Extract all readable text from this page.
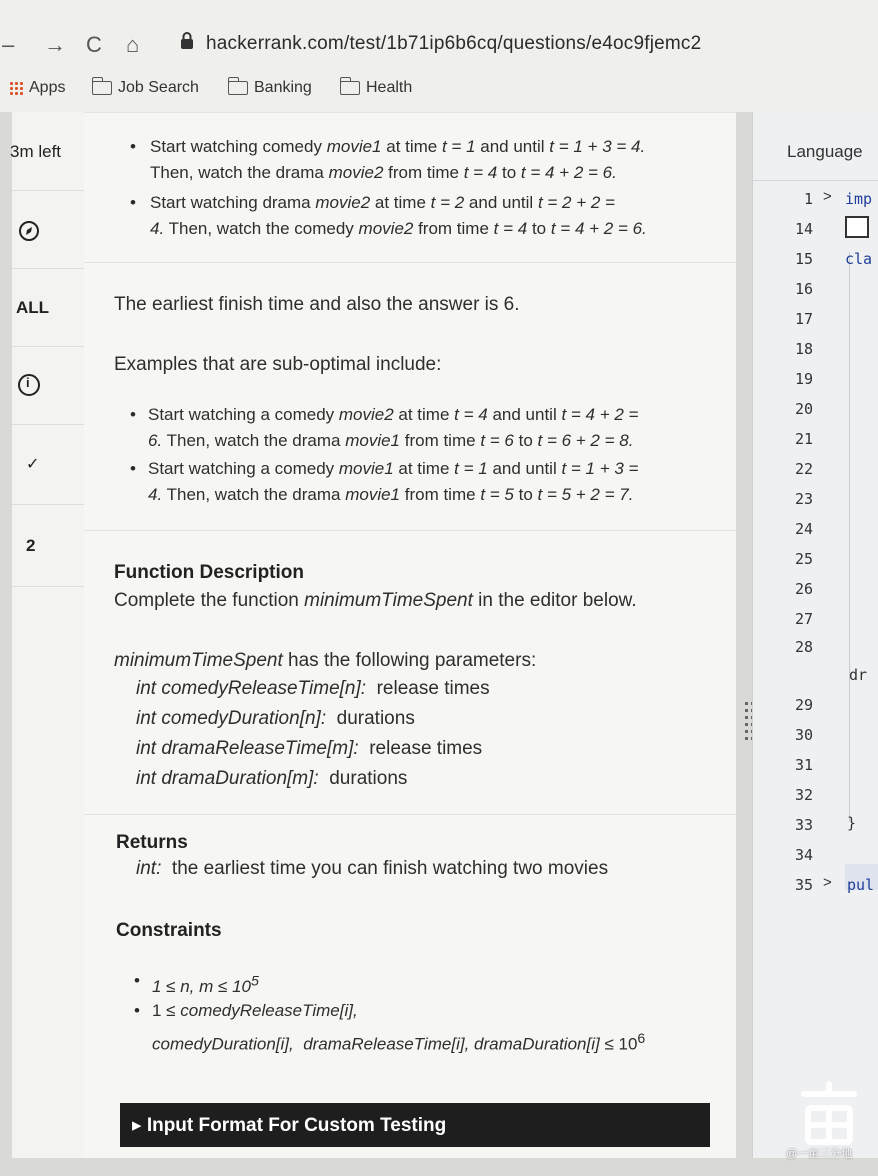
– → C ⌂	hackerrank.com/test/1b71ip6b6cq/questions/e4oc9fjemc2
Apps	Job Search	Banking	Health
3m left
ALL
i
✓
2
• Start watching comedy movie1 at time t = 1 and until t = 1 + 3 = 4.
Then, watch the drama movie2 from time t = 4 to t = 4 + 2 = 6.
• Start watching drama movie2 at time t = 2 and until t = 2 + 2 =
4. Then, watch the comedy movie2 from time t = 4 to t = 4 + 2 = 6.
The earliest finish time and also the answer is 6.
Examples that are sub-optimal include:
• Start watching a comedy movie2 at time t = 4 and until t = 4 + 2 =
6. Then, watch the drama movie1 from time t = 6 to t = 6 + 2 = 8.
• Start watching a comedy movie1 at time t = 1 and until t = 1 + 3 =
4. Then, watch the drama movie1 from time t = 5 to t = 5 + 2 = 7.
Function Description
Complete the function minimumTimeSpent in the editor below.
minimumTimeSpent has the following parameters:
int comedyReleaseTime[n]:  release times
int comedyDuration[n]:  durations
int dramaReleaseTime[m]:  release times
int dramaDuration[m]:  durations
Returns
int:  the earliest time you can finish watching two movies
Constraints
• 1 ≤ n, $m \le 10^5$
• 1 ≤ comedyReleaseTime[i],
comedyDuration[i], dramaReleaseTime[i], dramaDuration[i] ≤ $10^6$
Language
1 > imp
14
15 cla
16
17
18
19
20
21
22
23
24
25
26
27
28
dr
29
30
31
32
33 }
34
35 > pul
▸ Input Format For Custom Testing
@一亩三分地
